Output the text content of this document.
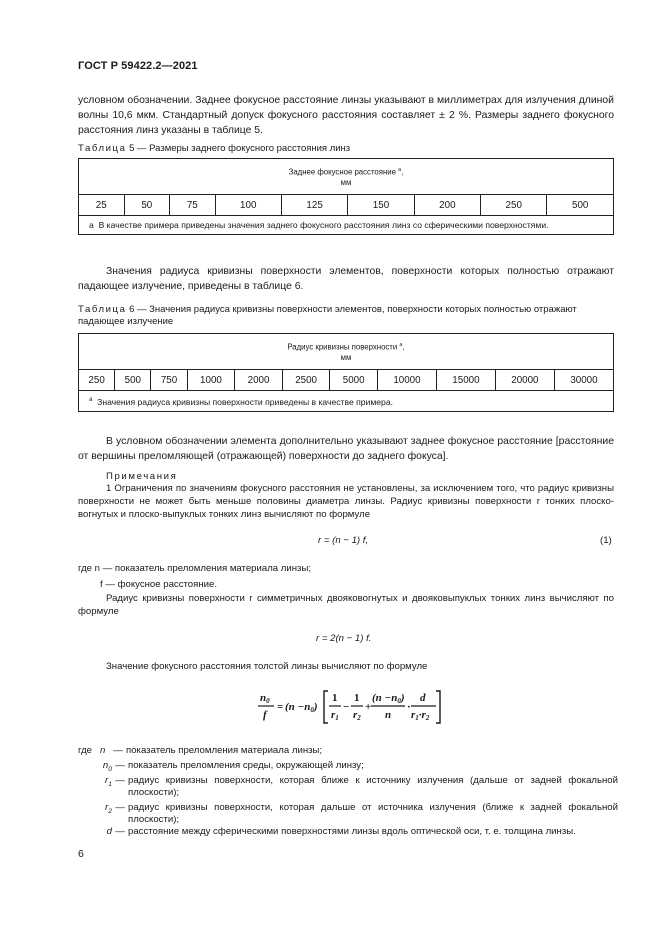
ГОСТ Р 59422.2—2021
условном обозначении. Заднее фокусное расстояние линзы указывают в миллиметрах для излучения длиной волны 10,6 мкм. Стандартный допуск фокусного расстояния составляет ± 2 %. Размеры заднего фокусного расстояния линз указаны в таблице 5.
Таблица 5 — Размеры заднего фокусного расстояния линз
Заднее фокусное расстояние $^a$,
мм
25	50	75	100	125	150	200	250	500
a В качестве примера приведены значения заднего фокусного расстояния линз со сферическими поверхностями.
Значения радиуса кривизны поверхности элементов, поверхности которых полностью отражают падающее излучение, приведены в таблице 6.
Таблица 6 — Значения радиуса кривизны поверхности элементов, поверхности которых полностью отражают падающее излучение
Радиус кривизны поверхности $^a$,
мм
250	500	750	1000	2000	2500	5000	10000	15000	20000	30000
$^a$ Значения радиуса кривизны поверхности приведены в качестве примера.
В условном обозначении элемента дополнительно указывают заднее фокусное расстояние [расстояние от вершины преломляющей (отражающей) поверхности до заднего фокуса].
Примечания
1 Ограничения по значениям фокусного расстояния не установлены, за исключением того, что радиус кривизны поверхности не может быть меньше половины диаметра линзы. Радиус кривизны поверхности r тонких плоско-вогнутых и плоско-выпуклых тонких линз вычисляют по формуле
r = (n − 1) f,	(1)
где n — показатель преломления материала линзы;
f — фокусное расстояние.
Радиус кривизны поверхности r симметричных двояковогнутых и двояковыпуклых тонких линз вычисляют по формуле
r = 2(n − 1) f.
Значение фокусного расстояния толстой линзы вычисляют по формуле
n0
f
= (n −n0)
1
r1
−
1
r2
+
(n −n0)
n
·
d
r1·r2
где n — показатель преломления материала линзы;
$n_0$ — показатель преломления среды, окружающей линзу;
$r_1$ — радиус кривизны поверхности, которая ближе к источнику излучения (дальше от задней фокальной плоскости);
$r_2$ — радиус кривизны поверхности, которая дальше от источника излучения (ближе к задней фокальной плоскости);
d — расстояние между сферическими поверхностями линзы вдоль оптической оси, т. е. толщина линзы.
6
